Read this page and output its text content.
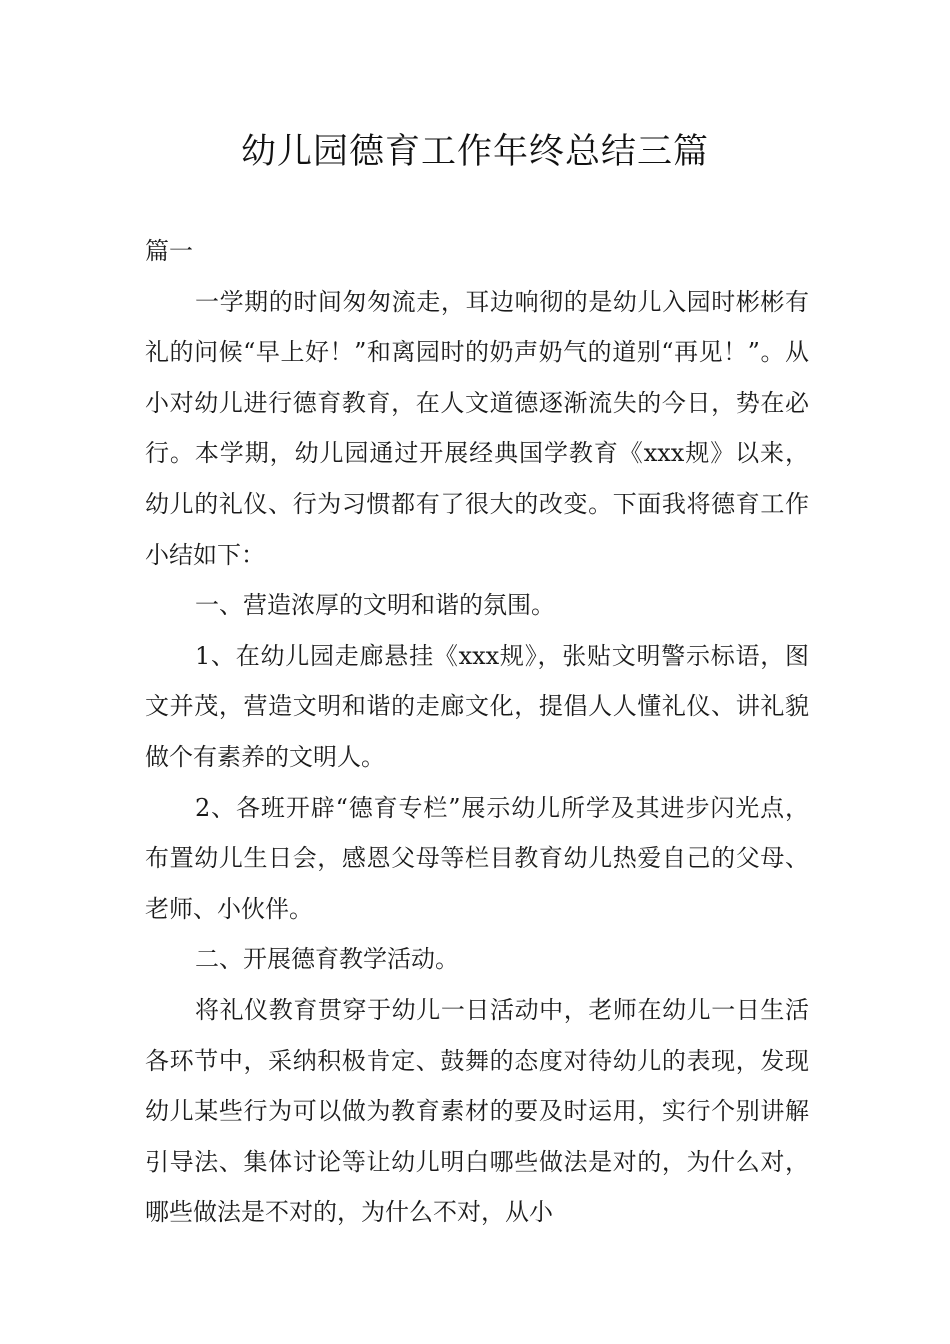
幼儿园德育工作年终总结三篇

篇一

一学期的时间匆匆流走，耳边响彻的是幼儿入园时彬彬有礼的问候“早上好！”和离园时的奶声奶气的道别“再见！”。从小对幼儿进行德育教育，在人文道德逐渐流失的今日，势在必行。本学期，幼儿园通过开展经典国学教育《xxx规》以来，幼儿的礼仪、行为习惯都有了很大的改变。下面我将德育工作小结如下：

一、营造浓厚的文明和谐的氛围。

1、在幼儿园走廊悬挂《xxx规》，张贴文明警示标语，图文并茂，营造文明和谐的走廊文化，提倡人人懂礼仪、讲礼貌做个有素养的文明人。

2、各班开辟“德育专栏”展示幼儿所学及其进步闪光点，布置幼儿生日会，感恩父母等栏目教育幼儿热爱自己的父母、老师、小伙伴。

二、开展德育教学活动。

将礼仪教育贯穿于幼儿一日活动中，老师在幼儿一日生活各环节中，采纳积极肯定、鼓舞的态度对待幼儿的表现，发现幼儿某些行为可以做为教育素材的要及时运用，实行个别讲解引导法、集体讨论等让幼儿明白哪些做法是对的，为什么对，哪些做法是不对的，为什么不对，从小
